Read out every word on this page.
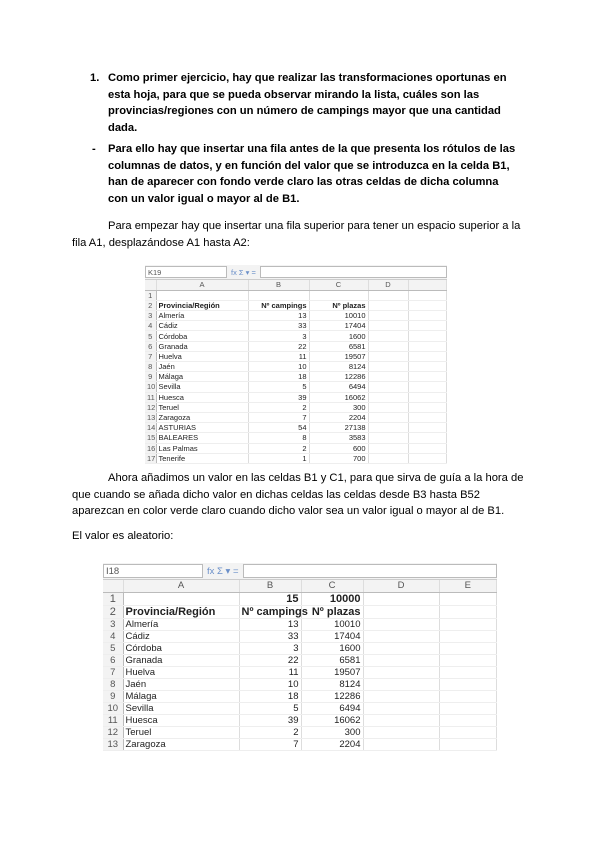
1. Como primer ejercicio, hay que realizar las transformaciones oportunas en esta hoja, para que se pueda observar mirando la lista, cuáles son las provincias/regiones con un número de campings mayor que una cantidad dada.
- Para ello hay que insertar una fila antes de la que presenta los rótulos de las columnas de datos, y en función del valor que se introduzca en la celda B1, han de aparecer con fondo verde claro las otras celdas de dicha columna con un valor igual o mayor al de B1.
Para empezar hay que insertar una fila superior para tener un espacio superior a la fila A1, desplazándose A1 hasta A2:
K19	fx Σ ▾ =
	A	B	C	D	
1					
2	Provincia/Región	Nº campings	Nº plazas		
3	Almería	13	10010		
4	Cádiz	33	17404		
5	Córdoba	3	1600		
6	Granada	22	6581		
7	Huelva	11	19507		
8	Jaén	10	8124		
9	Málaga	18	12286		
10	Sevilla	5	6494		
11	Huesca	39	16062		
12	Teruel	2	300		
13	Zaragoza	7	2204		
14	ASTURIAS	54	27138		
15	BALEARES	8	3583		
16	Las Palmas	2	600		
17	Tenerife	1	700		
Ahora añadimos un valor en las celdas B1 y C1, para que sirva de guía a la hora de que cuando se añada dicho valor en dichas celdas las celdas desde B3 hasta B52 aparezcan en color verde claro cuando dicho valor sea un valor igual o mayor al de B1.
El valor es aleatorio:
I18	fx Σ ▾ =
	A	B	C	D	E
1		15	10000		
2	Provincia/Región	Nº campings	Nº plazas		
3	Almería	13	10010		
4	Cádiz	33	17404		
5	Córdoba	3	1600		
6	Granada	22	6581		
7	Huelva	11	19507		
8	Jaén	10	8124		
9	Málaga	18	12286		
10	Sevilla	5	6494		
11	Huesca	39	16062		
12	Teruel	2	300		
13	Zaragoza	7	2204		
